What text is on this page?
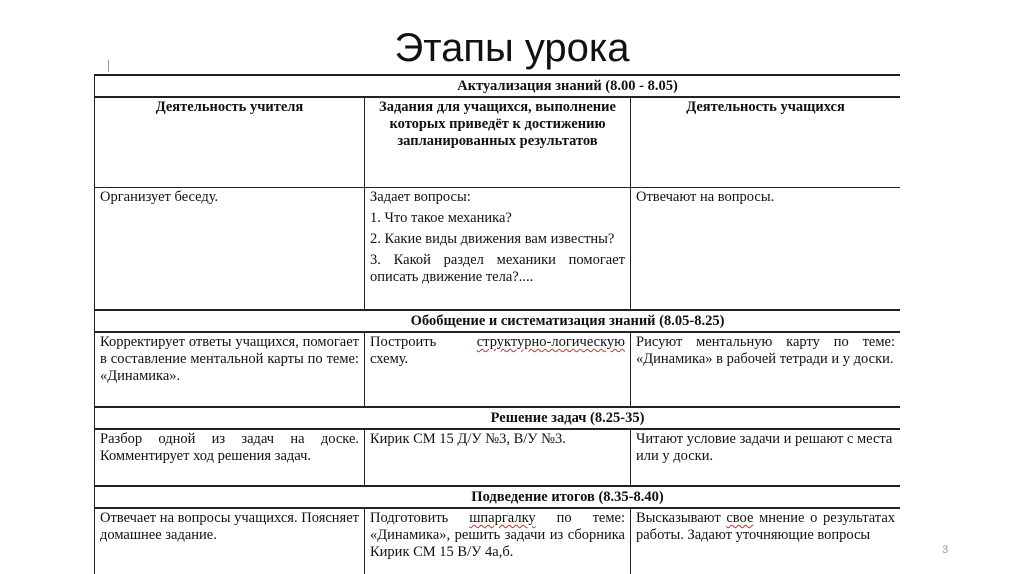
Этапы урока
Актуализация знаний (8.00 - 8.05)		
Деятельность учителя	Задания для учащихся, выполнение которых приведёт к достижению запланированных результатов	Деятельность учащихся
Организует беседу.	Задает вопросы:
1. Что такое механика?
2. Какие виды движения вам известны?
3. Какой раздел механики помогает описать движение тела?....	Отвечают на вопросы.
Обобщение и систематизация знаний (8.05-8.25)		
Корректирует ответы учащихся, помогает в составление ментальной карты по теме: «Динамика».	Построить структурно-логическую схему.	Рисуют ментальную карту по теме: «Динамика» в рабочей тетради и у доски.
Решение задач (8.25-35)		
Разбор одной из задач на доске. Комментирует ход решения задач.	Кирик СМ 15 Д/У №3, В/У №3.	Читают условие задачи и решают с места или у доски.
Подведение итогов (8.35-8.40)		
Отвечает на вопросы учащихся. Поясняет домашнее задание.	Подготовить шпаргалку по теме: «Динамика», решить задачи из сборника Кирик СМ 15 В/У 4а,б.	Высказывают свое мнение о результатах работы. Задают уточняющие вопросы
3
